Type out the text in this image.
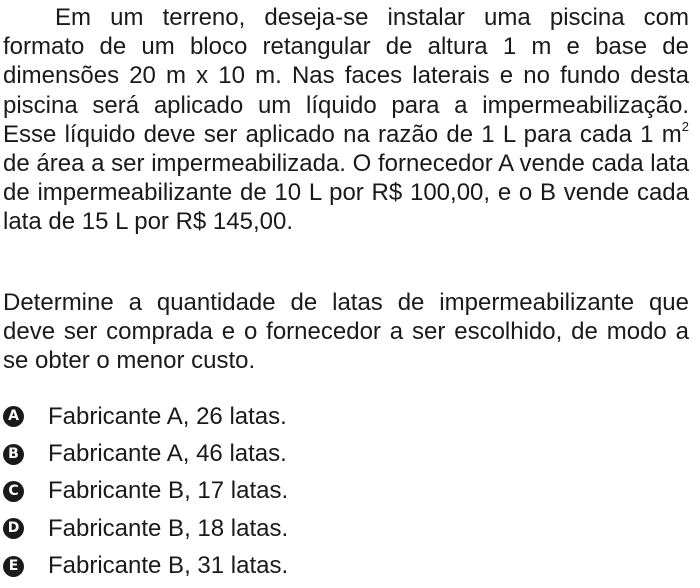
Em um terreno, deseja-se instalar uma piscina com formato de um bloco retangular de altura 1 m e base de dimensões 20 m x 10 m. Nas faces laterais e no fundo desta piscina será aplicado um líquido para a impermeabilização. Esse líquido deve ser aplicado na razão de 1 L para cada 1 $m^2$ de área a ser impermeabilizada. O fornecedor A vende cada lata de impermeabilizante de 10 L por R$ 100,00, e o B vende cada lata de 15 L por R$ 145,00.

Determine a quantidade de latas de impermeabilizante que deve ser comprada e o fornecedor a ser escolhido, de modo a se obter o menor custo.

A Fabricante A, 26 latas.
B Fabricante A, 46 latas.
C Fabricante B, 17 latas.
D Fabricante B, 18 latas.
E Fabricante B, 31 latas.
